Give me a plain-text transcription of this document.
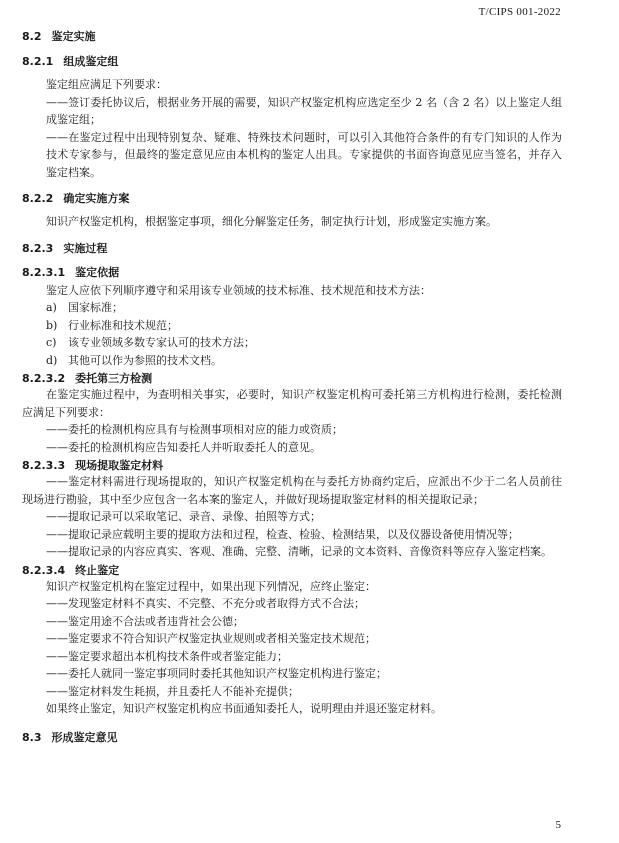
T/CIPS 001-2022

8.2 鉴定实施

8.2.1 组成鉴定组

鉴定组应满足下列要求：

——签订委托协议后，根据业务开展的需要，知识产权鉴定机构应选定至少 2 名（含 2 名）以上鉴定人组成鉴定组；

——在鉴定过程中出现特别复杂、疑难、特殊技术问题时，可以引入其他符合条件的有专门知识的人作为技术专家参与，但最终的鉴定意见应由本机构的鉴定人出具。专家提供的书面咨询意见应当签名，并存入鉴定档案。

8.2.2 确定实施方案

知识产权鉴定机构，根据鉴定事项，细化分解鉴定任务，制定执行计划，形成鉴定实施方案。

8.2.3 实施过程

8.2.3.1 鉴定依据

鉴定人应依下列顺序遵守和采用该专业领域的技术标准、技术规范和技术方法：

a)	国家标准；
b) 行业标准和技术规范；
c)	该专业领域多数专家认可的技术方法；
d) 其他可以作为参照的技术文档。

8.2.3.2 委托第三方检测

在鉴定实施过程中，为查明相关事实，必要时，知识产权鉴定机构可委托第三方机构进行检测，委托检测应满足下列要求：

——委托的检测机构应具有与检测事项相对应的能力或资质；

——委托的检测机构应告知委托人并听取委托人的意见。

8.2.3.3 现场提取鉴定材料

——鉴定材料需进行现场提取的，知识产权鉴定机构在与委托方协商约定后，应派出不少于二名人员前往现场进行勘验，其中至少应包含一名本案的鉴定人，并做好现场提取鉴定材料的相关提取记录；

——提取记录可以采取笔记、录音、录像、拍照等方式；

——提取记录应载明主要的提取方法和过程，检查、检验、检测结果，以及仪器设备使用情况等；

——提取记录的内容应真实、客观、准确、完整、清晰，记录的文本资料、音像资料等应存入鉴定档案。

8.2.3.4 终止鉴定

知识产权鉴定机构在鉴定过程中，如果出现下列情况，应终止鉴定：

——发现鉴定材料不真实、不完整、不充分或者取得方式不合法；

——鉴定用途不合法或者违背社会公德；

——鉴定要求不符合知识产权鉴定执业规则或者相关鉴定技术规范；

——鉴定要求超出本机构技术条件或者鉴定能力；

——委托人就同一鉴定事项同时委托其他知识产权鉴定机构进行鉴定；

——鉴定材料发生耗损，并且委托人不能补充提供；

如果终止鉴定，知识产权鉴定机构应书面通知委托人，说明理由并退还鉴定材料。

8.3 形成鉴定意见

5
